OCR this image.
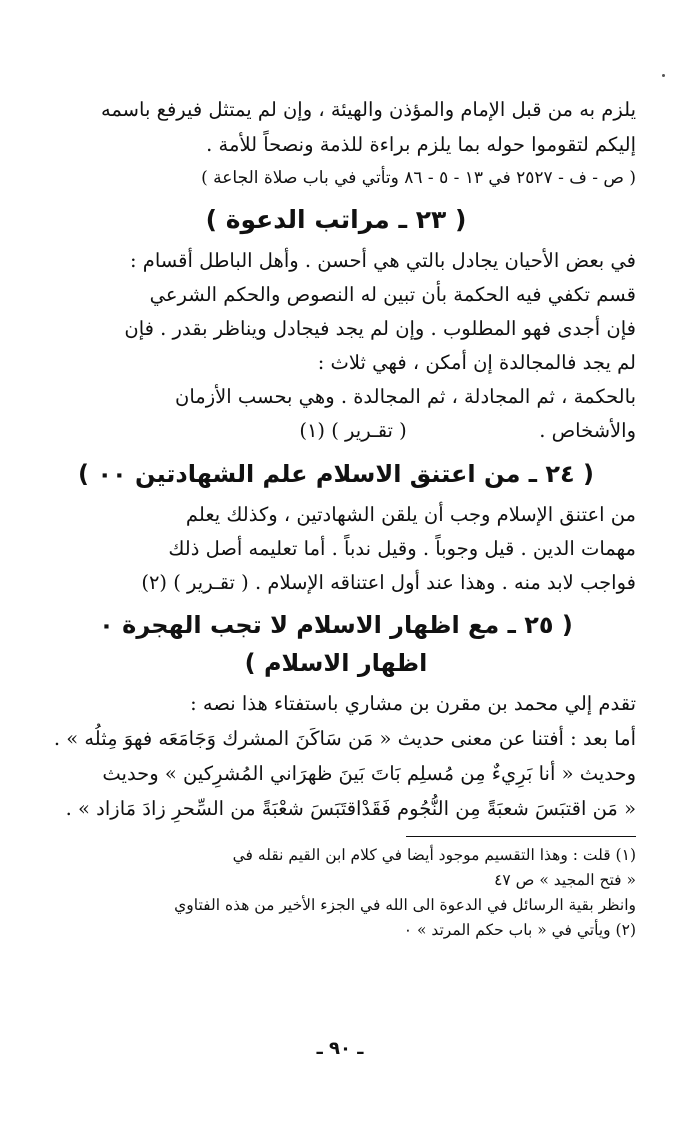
يلزم به من قبل الإمام والمؤذن والهيئة ، وإن لم يمتثل فيرفع باسمه

إليكم لتقوموا حوله بما يلزم براءة للذمة ونصحاً للأمة .

( ص - ف - ٢٥٢٧ في ١٣ - ٥ - ٨٦ وتأتي في باب صلاة الجاعة )

( ٢٣ ـ مراتب الدعوة )

في بعض الأحيان يجادل بالتي هي أحسن . وأهل الباطل أقسام :

قسم تكفي فيه الحكمة بأن تبين له النصوص والحكم الشرعي

فإن أجدى فهو المطلوب . وإن لم يجد فيجادل ويناظر بقدر . فإن

لم يجد فالمجالدة إن أمكن ، فهي ثلاث :

بالحكمة ، ثم المجادلة ، ثم المجالدة . وهي بحسب الأزمان

والأشخاص .  ( تقـرير ) (١)

( ٢٤ ـ من اعتنق الاسلام علم الشهادتين ٠٠ )

من اعتنق الإسلام وجب أن يلقن الشهادتين ، وكذلك يعلم

مهمات الدين . قيل وجوباً . وقيل ندباً . أما تعليمه أصل ذلك

فواجب لابد منه . وهذا عند أول اعتناقه الإسلام . ( تقـرير ) (٢)

( ٢٥ ـ مع اظهار الاسلام لا تجب الهجرة ٠
اظهار الاسلام )

تقدم إلي محمد بن مقرن بن مشاري باستفتاء هذا نصه :

أما بعد : أفتنا عن معنى حديث « مَن سَاكَنَ المشرك وَجَامَعَه فهوَ مِثلُه » .

وحديث « أنا بَرِيءٌ مِن مُسلِم بَاتَ بَينَ ظهرَاني المُشرِكين » وحديث

« مَن اقتبَسَ شعبَةً مِن النُّجُوم فَقَدْاقتَبَسَ شعْبَةً من السِّحرِ زادَ مَازاد » .

(١) قلت : وهذا التقسيم موجود أيضا في كلام ابن القيم نقله في

« فتح المجيد » ص ٤٧

وانظر بقية الرسائل في الدعوة الى الله في الجزء الأخير من هذه الفتاوي

(٢) ويأتي في « باب حكم المرتد » ٠

ـ ٩٠ ـ
